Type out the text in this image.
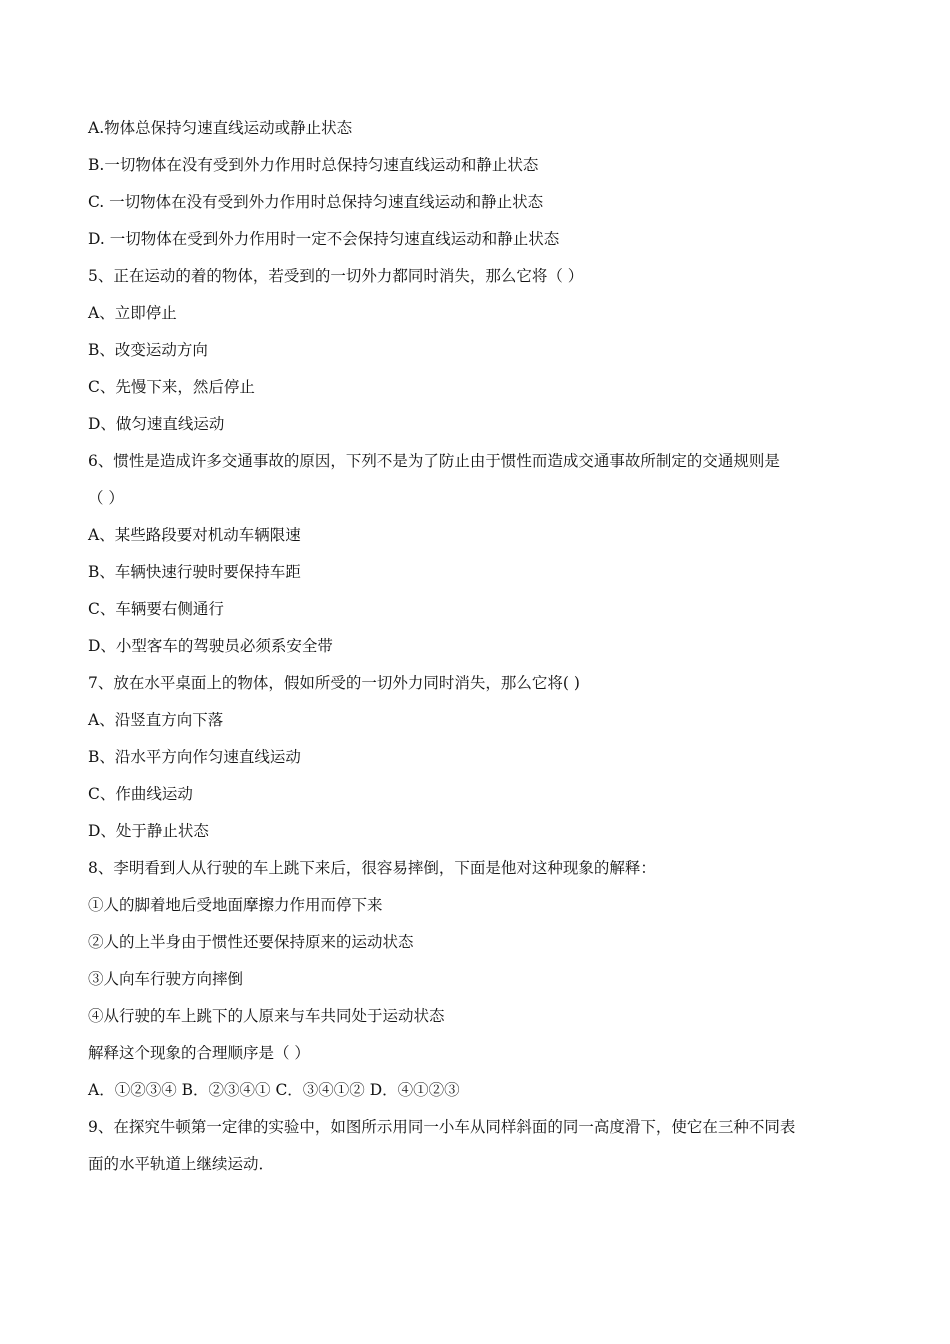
A.物体总保持匀速直线运动或静止状态
B.一切物体在没有受到外力作用时总保持匀速直线运动和静止状态
C. 一切物体在没有受到外力作用时总保持匀速直线运动和静止状态
D. 一切物体在受到外力作用时一定不会保持匀速直线运动和静止状态
5、正在运动的着的物体，若受到的一切外力都同时消失，那么它将（ ）
A、立即停止
B、改变运动方向
C、先慢下来，然后停止
D、做匀速直线运动
6、惯性是造成许多交通事故的原因，下列不是为了防止由于惯性而造成交通事故所制定的交通规则是
（ ）
A、某些路段要对机动车辆限速
B、车辆快速行驶时要保持车距
C、车辆要右侧通行
D、小型客车的驾驶员必须系安全带
7、放在水平桌面上的物体，假如所受的一切外力同时消失，那么它将( )
A、沿竖直方向下落
B、沿水平方向作匀速直线运动
C、作曲线运动
D、处于静止状态
8、李明看到人从行驶的车上跳下来后，很容易摔倒，下面是他对这种现象的解释：
①人的脚着地后受地面摩擦力作用而停下来
②人的上半身由于惯性还要保持原来的运动状态
③人向车行驶方向摔倒
④从行驶的车上跳下的人原来与车共同处于运动状态
解释这个现象的合理顺序是（ ）
A．①②③④ B．②③④① C．③④①② D．④①②③
9、在探究牛顿第一定律的实验中，如图所示用同一小车从同样斜面的同一高度滑下，使它在三种不同表
面的水平轨道上继续运动．
